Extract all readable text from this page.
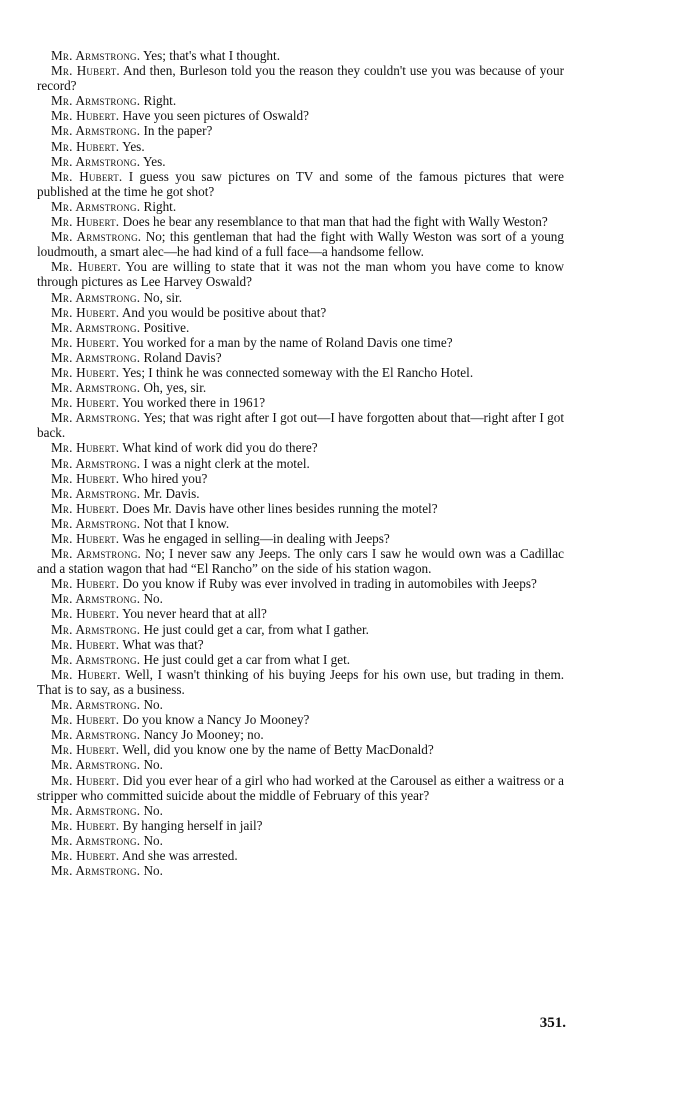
Mr. Armstrong. Yes; that's what I thought.

Mr. Hubert. And then, Burleson told you the reason they couldn't use you was because of your record?

Mr. Armstrong. Right.

Mr. Hubert. Have you seen pictures of Oswald?

Mr. Armstrong. In the paper?

Mr. Hubert. Yes.

Mr. Armstrong. Yes.

Mr. Hubert. I guess you saw pictures on TV and some of the famous pictures that were published at the time he got shot?

Mr. Armstrong. Right.

Mr. Hubert. Does he bear any resemblance to that man that had the fight with Wally Weston?

Mr. Armstrong. No; this gentleman that had the fight with Wally Weston was sort of a young loudmouth, a smart alec—he had kind of a full face—a handsome fellow.

Mr. Hubert. You are willing to state that it was not the man whom you have come to know through pictures as Lee Harvey Oswald?

Mr. Armstrong. No, sir.

Mr. Hubert. And you would be positive about that?

Mr. Armstrong. Positive.

Mr. Hubert. You worked for a man by the name of Roland Davis one time?

Mr. Armstrong. Roland Davis?

Mr. Hubert. Yes; I think he was connected someway with the El Rancho Hotel.

Mr. Armstrong. Oh, yes, sir.

Mr. Hubert. You worked there in 1961?

Mr. Armstrong. Yes; that was right after I got out—I have forgotten about that—right after I got back.

Mr. Hubert. What kind of work did you do there?

Mr. Armstrong. I was a night clerk at the motel.

Mr. Hubert. Who hired you?

Mr. Armstrong. Mr. Davis.

Mr. Hubert. Does Mr. Davis have other lines besides running the motel?

Mr. Armstrong. Not that I know.

Mr. Hubert. Was he engaged in selling—in dealing with Jeeps?

Mr. Armstrong. No; I never saw any Jeeps. The only cars I saw he would own was a Cadillac and a station wagon that had “El Rancho” on the side of his station wagon.

Mr. Hubert. Do you know if Ruby was ever involved in trading in automobiles with Jeeps?

Mr. Armstrong. No.

Mr. Hubert. You never heard that at all?

Mr. Armstrong. He just could get a car, from what I gather.

Mr. Hubert. What was that?

Mr. Armstrong. He just could get a car from what I get.

Mr. Hubert. Well, I wasn't thinking of his buying Jeeps for his own use, but trading in them. That is to say, as a business.

Mr. Armstrong. No.

Mr. Hubert. Do you know a Nancy Jo Mooney?

Mr. Armstrong. Nancy Jo Mooney; no.

Mr. Hubert. Well, did you know one by the name of Betty MacDonald?

Mr. Armstrong. No.

Mr. Hubert. Did you ever hear of a girl who had worked at the Carousel as either a waitress or a stripper who committed suicide about the middle of February of this year?

Mr. Armstrong. No.

Mr. Hubert. By hanging herself in jail?

Mr. Armstrong. No.

Mr. Hubert. And she was arrested.

Mr. Armstrong. No.

351.
